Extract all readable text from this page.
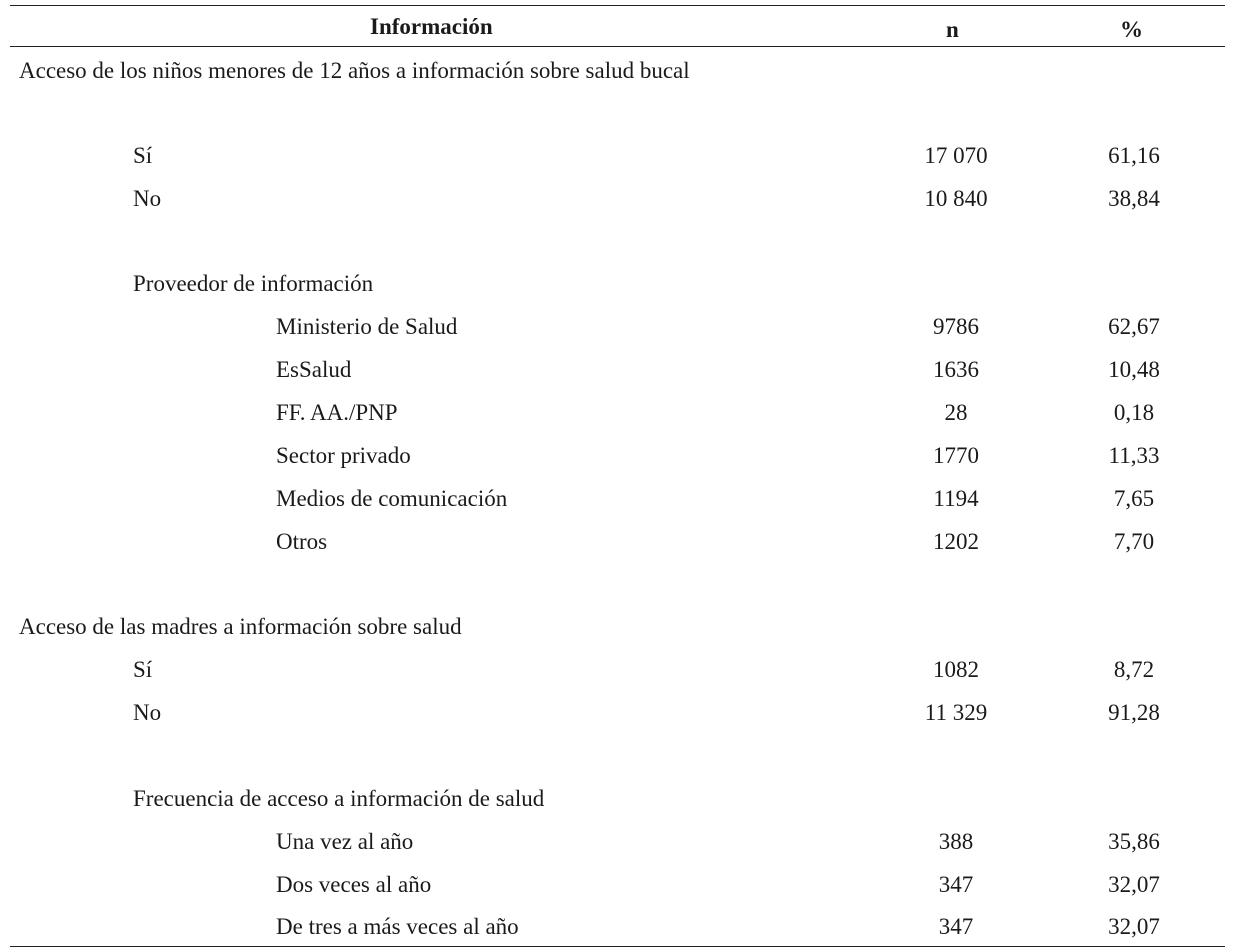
Información	n	%
Acceso de los niños menores de 12 años a información sobre salud bucal
Sí	17 070	61,16
No	10 840	38,84
Proveedor de información
Ministerio de Salud	9786	62,67
EsSalud	1636	10,48
FF. AA./PNP	28	0,18
Sector privado	1770	11,33
Medios de comunicación	1194	7,65
Otros	1202	7,70
Acceso de las madres a información sobre salud
Sí	1082	8,72
No	11 329	91,28
Frecuencia de acceso a información de salud
Una vez al año	388	35,86
Dos veces al año	347	32,07
De tres a más veces al año	347	32,07
